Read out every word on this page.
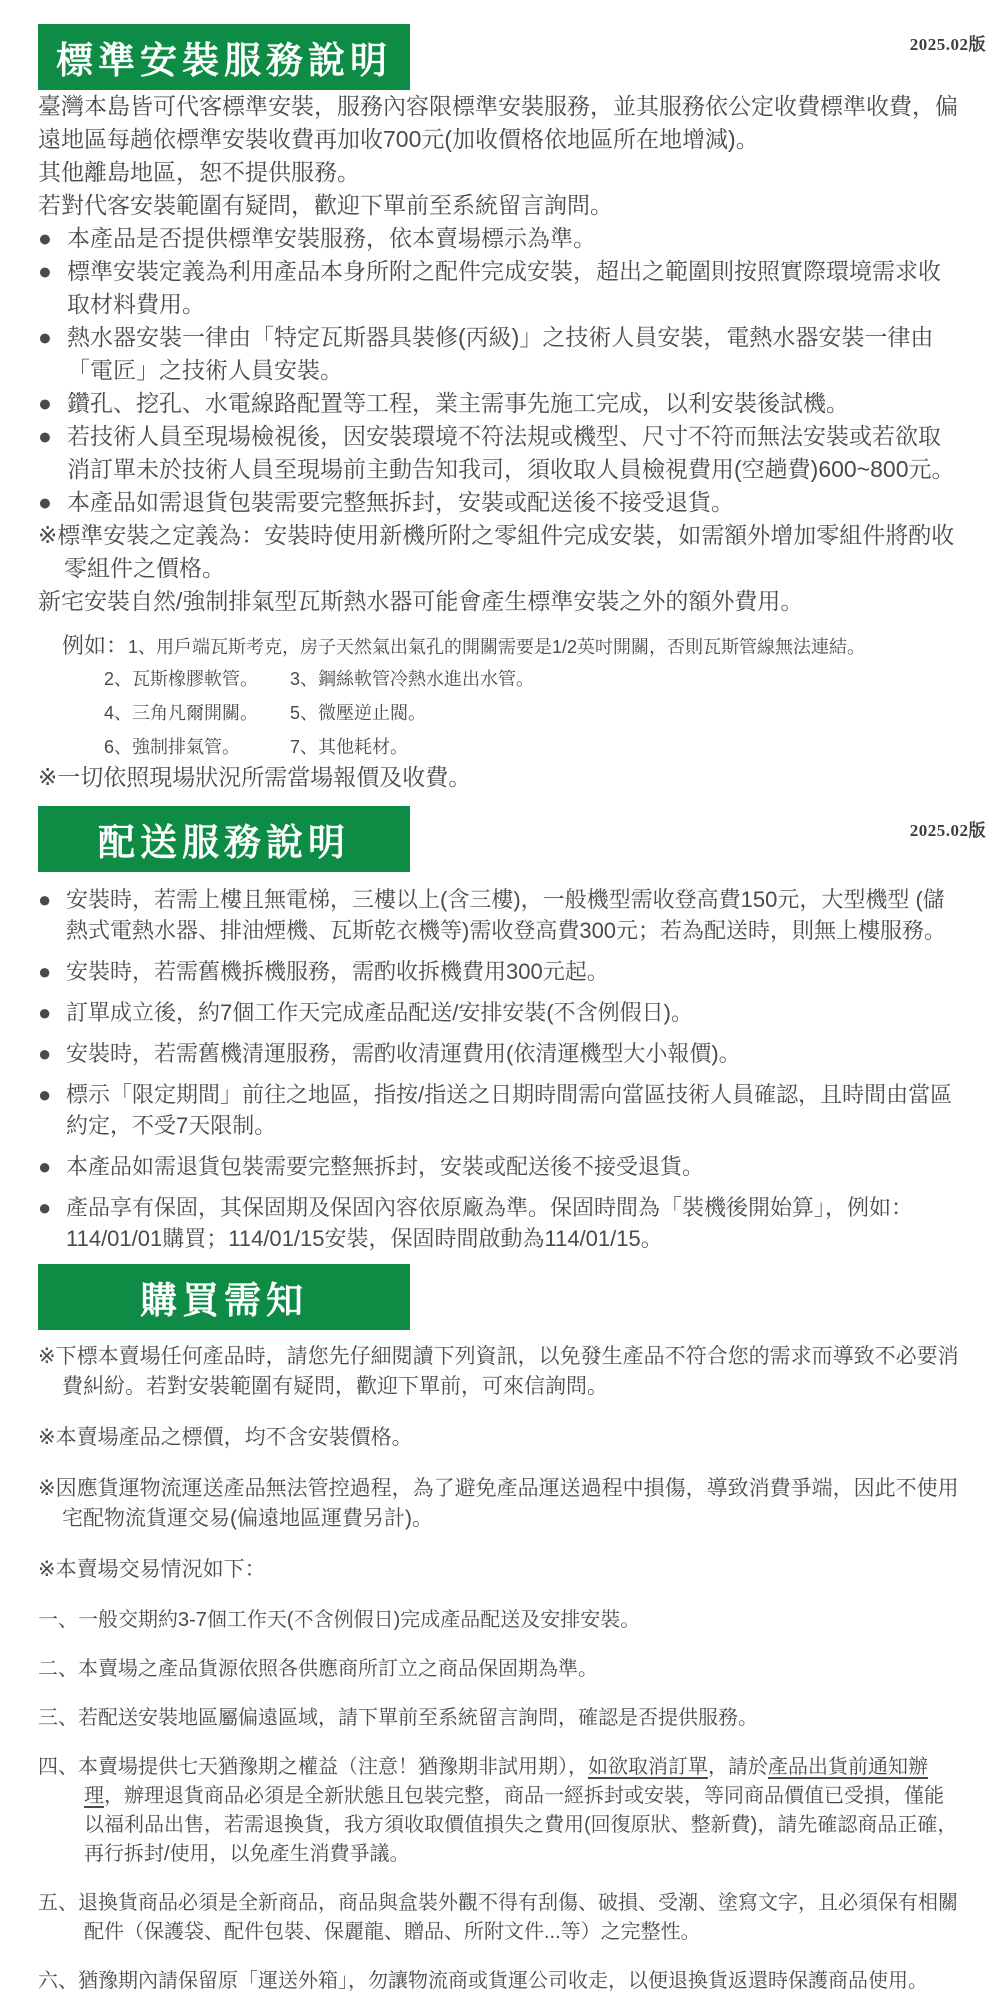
2025.02版
標準安裝服務說明

臺灣本島皆可代客標準安裝，服務內容限標準安裝服務，並其服務依公定收費標準收費，偏遠地區每趟依標準安裝收費再加收700元(加收價格依地區所在地增減)。

其他離島地區，恕不提供服務。

若對代客安裝範圍有疑問，歡迎下單前至系統留言詢問。

● 本產品是否提供標準安裝服務，依本賣場標示為準。
● 標準安裝定義為利用產品本身所附之配件完成安裝，超出之範圍則按照實際環境需求收取材料費用。
● 熱水器安裝一律由「特定瓦斯器具裝修(丙級)」之技術人員安裝，電熱水器安裝一律由「電匠」之技術人員安裝。
● 鑽孔、挖孔、水電線路配置等工程，業主需事先施工完成，以利安裝後試機。
● 若技術人員至現場檢視後，因安裝環境不符法規或機型、尺寸不符而無法安裝或若欲取消訂單未於技術人員至現場前主動告知我司，須收取人員檢視費用(空趟費)600~800元。
● 本產品如需退貨包裝需要完整無拆封，安裝或配送後不接受退貨。

※標準安裝之定義為：安裝時使用新機所附之零組件完成安裝，如需額外增加零組件將酌收零組件之價格。

新宅安裝自然/強制排氣型瓦斯熱水器可能會產生標準安裝之外的額外費用。

例如： 1、用戶端瓦斯考克，房子天然氣出氣孔的開關需要是1/2英吋開關，否則瓦斯管線無法連結。
2、瓦斯橡膠軟管。	3、鋼絲軟管冷熱水進出水管。
4、三角凡爾開關。	5、微壓逆止閥。
6、強制排氣管。	7、其他耗材。

※一切依照現場狀況所需當場報價及收費。

2025.02版
配送服務說明
● 安裝時，若需上樓且無電梯，三樓以上(含三樓)，一般機型需收登高費150元，大型機型 (儲熱式電熱水器、排油煙機、瓦斯乾衣機等)需收登高費300元；若為配送時，則無上樓服務。
● 安裝時，若需舊機拆機服務，需酌收拆機費用300元起。
● 訂單成立後，約7個工作天完成產品配送/安排安裝(不含例假日)。
● 安裝時，若需舊機清運服務，需酌收清運費用(依清運機型大小報價)。
● 標示「限定期間」前往之地區，指按/指送之日期時間需向當區技術人員確認，且時間由當區約定，不受7天限制。
● 本產品如需退貨包裝需要完整無拆封，安裝或配送後不接受退貨。
● 產品享有保固，其保固期及保固內容依原廠為準。保固時間為「裝機後開始算」，例如：114/01/01購買；114/01/15安裝，保固時間啟動為114/01/15。
購買需知

※下標本賣場任何產品時，請您先仔細閱讀下列資訊，以免發生產品不符合您的需求而導致不必要消費糾紛。若對安裝範圍有疑問，歡迎下單前，可來信詢問。

※本賣場產品之標價，均不含安裝價格。

※因應貨運物流運送產品無法管控過程，為了避免產品運送過程中損傷，導致消費爭端，因此不使用宅配物流貨運交易(偏遠地區運費另計)。

※本賣場交易情況如下：

一、一般交期約3-7個工作天(不含例假日)完成產品配送及安排安裝。

二、本賣場之產品貨源依照各供應商所訂立之商品保固期為準。

三、若配送安裝地區屬偏遠區域，請下單前至系統留言詢問，確認是否提供服務。

四、本賣場提供七天猶豫期之權益（注意！猶豫期非試用期），如欲取消訂單，請於產品出貨前通知辦理，辦理退貨商品必須是全新狀態且包裝完整，商品一經拆封或安裝，等同商品價值已受損，僅能以福利品出售，若需退換貨，我方須收取價值損失之費用(回復原狀、整新費)，請先確認商品正確，再行拆封/使用，以免產生消費爭議。

五、退換貨商品必須是全新商品，商品與盒裝外觀不得有刮傷、破損、受潮、塗寫文字，且必須保有相關配件（保護袋、配件包裝、保麗龍、贈品、所附文件...等）之完整性。

六、猶豫期內請保留原「運送外箱」，勿讓物流商或貨運公司收走，以便退換貨返還時保護商品使用。
